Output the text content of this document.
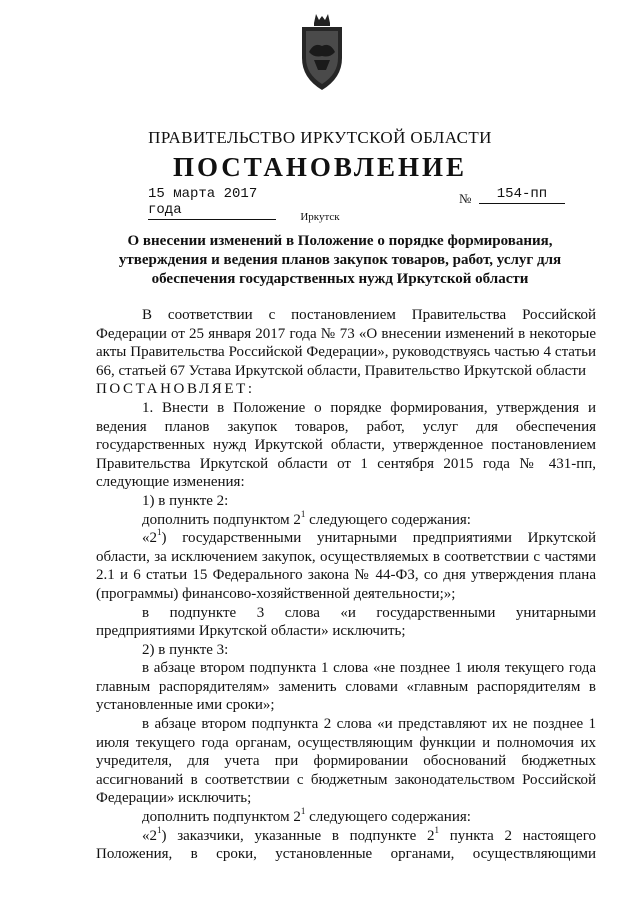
ПРАВИТЕЛЬСТВО ИРКУТСКОЙ ОБЛАСТИ
ПОСТАНОВЛЕНИЕ
15 марта 2017 года
№	154-пп
Иркутск
О внесении изменений в Положение о порядке формирования, утверждения и ведения планов закупок товаров, работ, услуг для обеспечения государственных нужд Иркутской области

В соответствии с постановлением Правительства Российской Федерации от 25 января 2017 года № 73 «О внесении изменений в некоторые акты Правительства Российской Федерации», руководствуясь частью 4 статьи 66, статьей 67 Устава Иркутской области, Правительство Иркутской области

ПОСТАНОВЛЯЕТ:

1. Внести в Положение о порядке формирования, утверждения и ведения планов закупок товаров, работ, услуг для обеспечения государственных нужд Иркутской области, утвержденное постановлением Правительства Иркутской области от 1 сентября 2015 года № 431-пп, следующие изменения:

1) в пункте 2:

дополнить подпунктом $2^1$ следующего содержания:

«$2^1$) государственными унитарными предприятиями Иркутской области, за исключением закупок, осуществляемых в соответствии с частями 2.1 и 6 статьи 15 Федерального закона № 44-ФЗ, со дня утверждения плана (программы) финансово-хозяйственной деятельности;»;

в подпункте 3 слова «и государственными унитарными предприятиями Иркутской области» исключить;

2) в пункте 3:

в абзаце втором подпункта 1 слова «не позднее 1 июля текущего года главным распорядителям» заменить словами «главным распорядителям в установленные ими сроки»;

в абзаце втором подпункта 2 слова «и представляют их не позднее 1 июля текущего года органам, осуществляющим функции и полномочия их учредителя, для учета при формировании обоснований бюджетных ассигнований в соответствии с бюджетным законодательством Российской Федерации» исключить;

дополнить подпунктом $2^1$ следующего содержания:

«$2^1$) заказчики, указанные в подпункте $2^1$ пункта 2 настоящего Положения, в сроки, установленные органами, осуществляющими
